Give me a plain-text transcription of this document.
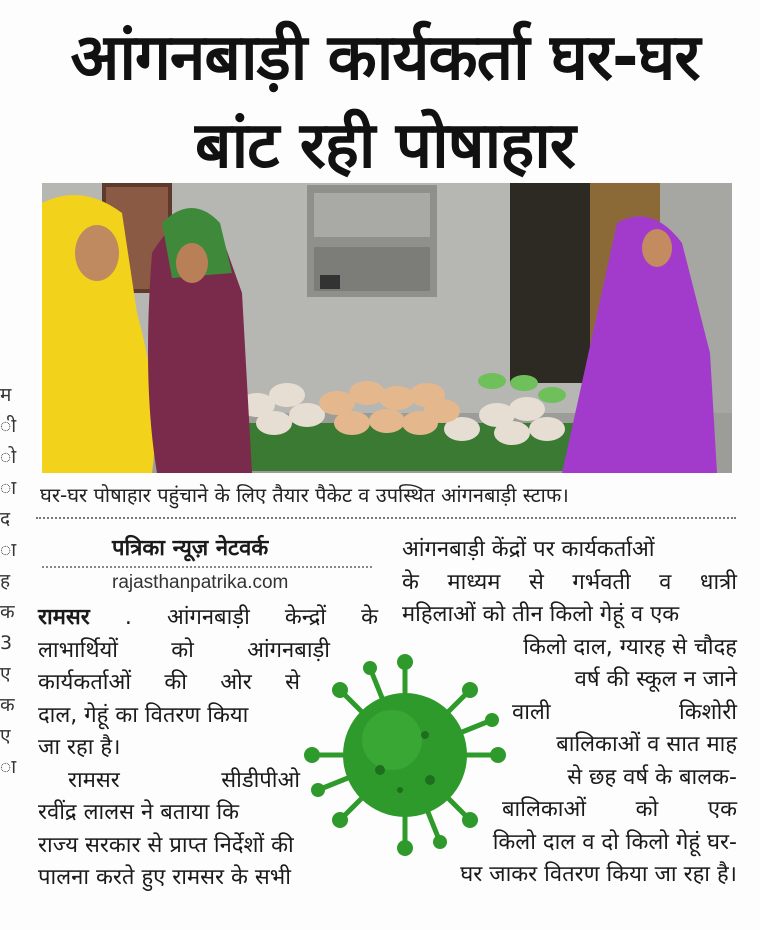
आंगनबाड़ी कार्यकर्ता घर-घर
बांट रही पोषाहार
घर-घर पोषाहार पहुंचाने के लिए तैयार पैकेट व उपस्थित आंगनबाड़ी स्टाफ।
पत्रिका न्यूज़ नेटवर्क
rajasthanpatrika.com
रामसर . आंगनबाड़ी केन्द्रों के
लाभार्थियों को आंगनबाड़ी
कार्यकर्ताओं की ओर से
दाल, गेहूं का वितरण किया
जा रहा है।
रामसर सीडीपीओ
रवींद्र लालस ने बताया कि
राज्य सरकार से प्राप्त निर्देशों की
पालना करते हुए रामसर के सभी
आंगनबाड़ी केंद्रों पर कार्यकर्ताओं
के माध्यम से गर्भवती व धात्री
महिलाओं को तीन किलो गेहूं व एक
किलो दाल, ग्यारह से चौदह
वर्ष की स्कूल न जाने
वाली किशोरी
बालिकाओं व सात माह
से छह वर्ष के बालक-
बालिकाओं को एक
किलो दाल व दो किलो गेहूं घर-
घर जाकर वितरण किया जा रहा है।
म
ी
ो
ा
द
ा
ह
क
3
ए
क
ए
ा
